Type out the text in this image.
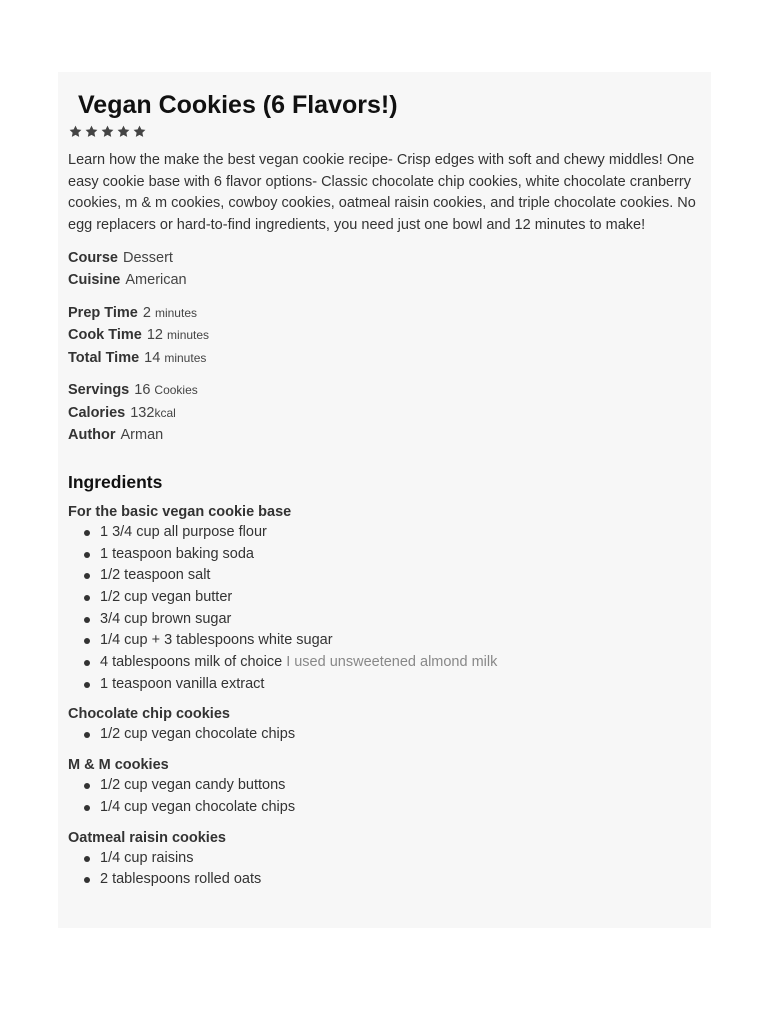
Vegan Cookies (6 Flavors!)

Learn how the make the best vegan cookie recipe- Crisp edges with soft and chewy middles! One easy cookie base with 6 flavor options- Classic chocolate chip cookies, white chocolate cranberry cookies, m & m cookies, cowboy cookies, oatmeal raisin cookies, and triple chocolate cookies. No egg replacers or hard-to-find ingredients, you need just one bowl and 12 minutes to make!

Course Dessert
Cuisine American
Prep Time 2 minutes
Cook Time 12 minutes
Total Time 14 minutes
Servings 16 Cookies
Calories 132kcal
Author Arman
Ingredients
For the basic vegan cookie base
1 3/4 cup all purpose flour
1 teaspoon baking soda
1/2 teaspoon salt
1/2 cup vegan butter
3/4 cup brown sugar
1/4 cup + 3 tablespoons white sugar
4 tablespoons milk of choice I used unsweetened almond milk
1 teaspoon vanilla extract
Chocolate chip cookies
1/2 cup vegan chocolate chips
M & M cookies
1/2 cup vegan candy buttons
1/4 cup vegan chocolate chips
Oatmeal raisin cookies
1/4 cup raisins
2 tablespoons rolled oats
